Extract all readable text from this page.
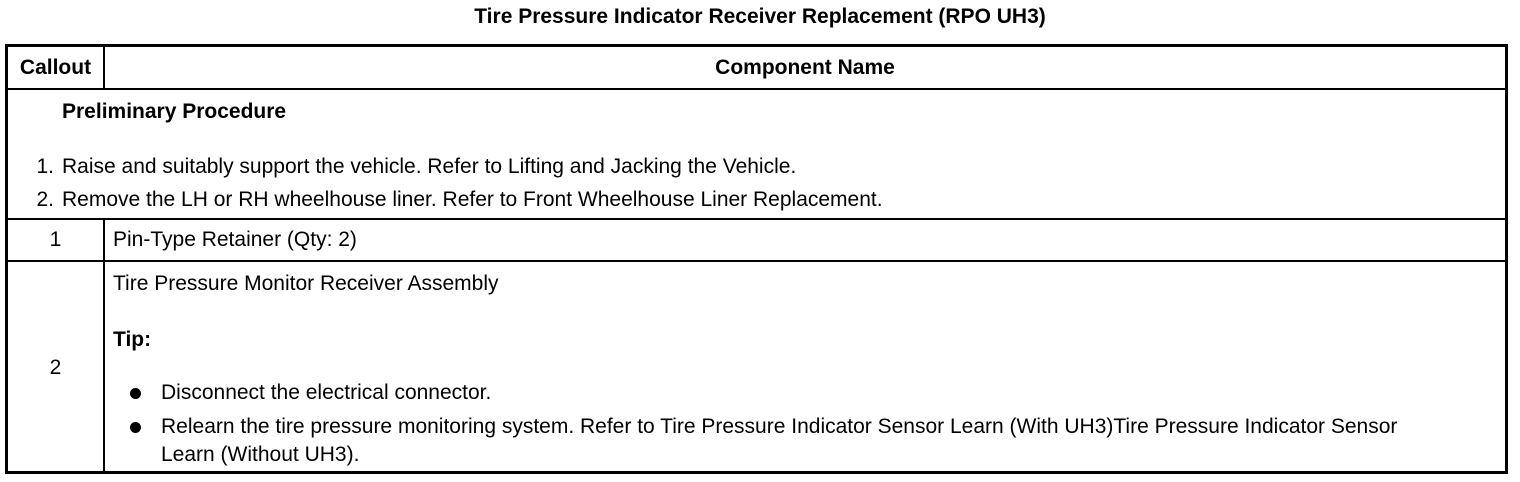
Tire Pressure Indicator Receiver Replacement (RPO UH3)
Callout	Component Name
Preliminary Procedure
1. Raise and suitably support the vehicle. Refer to Lifting and Jacking the Vehicle.
2. Remove the LH or RH wheelhouse liner. Refer to Front Wheelhouse Liner Replacement.
1	Pin-Type Retainer (Qty: 2)
2
Tire Pressure Monitor Receiver Assembly
Tip:
Disconnect the electrical connector.
Relearn the tire pressure monitoring system. Refer to Tire Pressure Indicator Sensor Learn (With UH3)Tire Pressure Indicator Sensor Learn (Without UH3).
